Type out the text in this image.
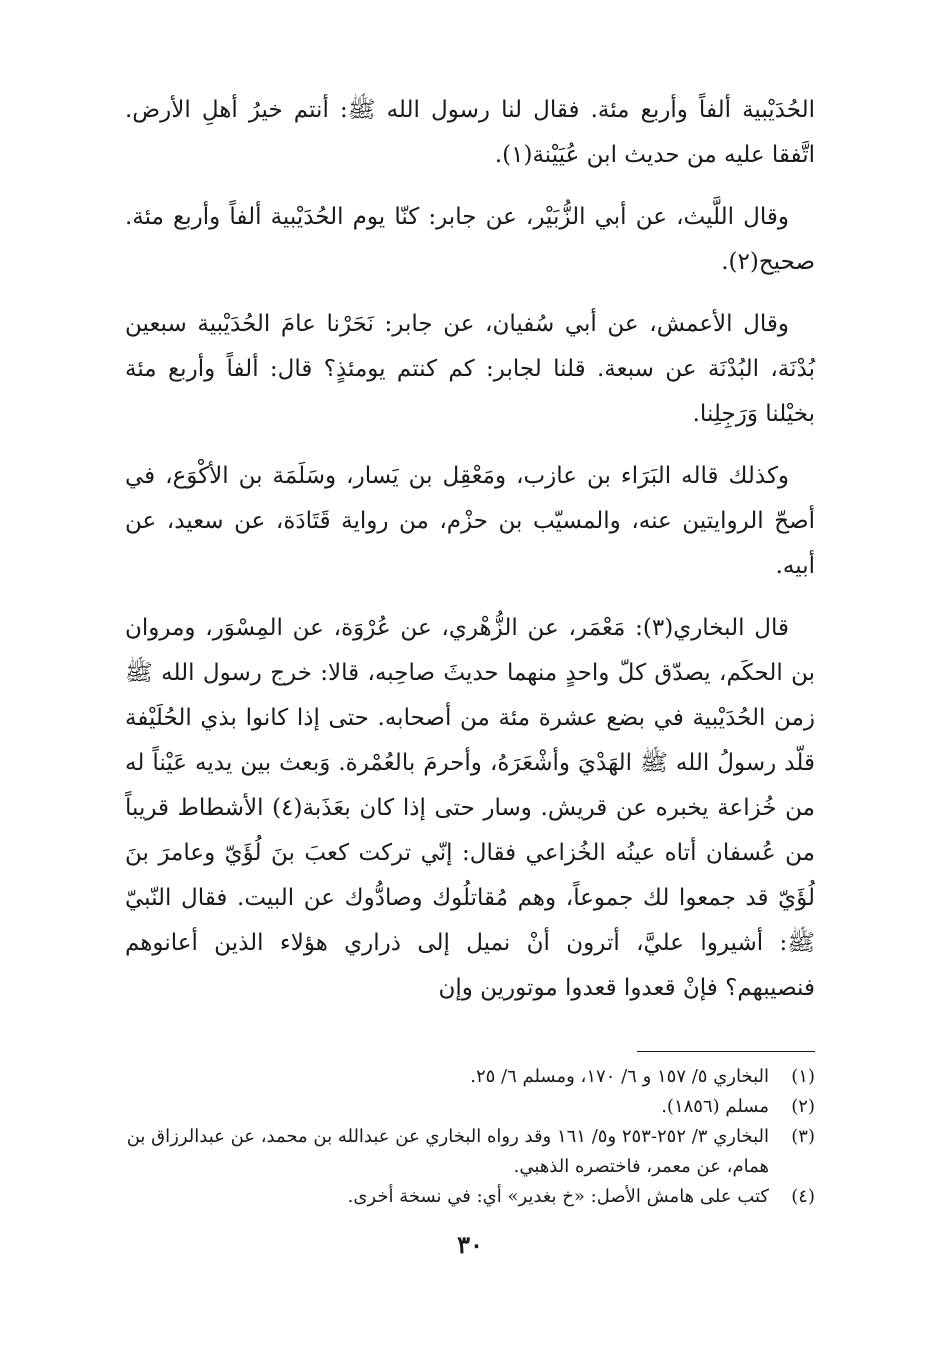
الحُدَيْبية ألفاً وأربع مئة. فقال لنا رسول الله ﷺ: أنتم خيرُ أهلِ الأرض. اتَّفقا عليه من حديث ابن عُيَيْنة(١).

وقال اللَّيث، عن أبي الزُّبَيْر، عن جابر: كنّا يوم الحُدَيْبية ألفاً وأربع مئة. صحيح(٢).

وقال الأعمش، عن أبي سُفيان، عن جابر: نَحَرْنا عامَ الحُدَيْبية سبعين بُدْنَة، البُدْنَة عن سبعة. قلنا لجابر: كم كنتم يومئذٍ؟ قال: ألفاً وأربع مئة بخيْلنا وَرَجِلِنا.

وكذلك قاله البَرَاء بن عازب، ومَعْقِل بن يَسار، وسَلَمَة بن الأكْوَع، في أصحّ الروايتين عنه، والمسيّب بن حزْم، من رواية قَتَادَة، عن سعيد، عن أبيه.

قال البخاري(٣): مَعْمَر، عن الزُّهْري، عن عُرْوَة، عن المِسْوَر، ومروان بن الحكَم، يصدّق كلّ واحدٍ منهما حديثَ صاحِبه، قالا: خرج رسول الله ﷺ زمن الحُدَيْبية في بضع عشرة مئة من أصحابه. حتى إذا كانوا بذي الحُلَيْفة قلّد رسولُ الله ﷺ الهَدْيَ وأشْعَرَهُ، وأحرمَ بالعُمْرة. وَبعث بين يديه عَيْناً له من خُزاعة يخبره عن قريش. وسار حتى إذا كان بعَذَبة(٤) الأشطاط قريباً من عُسفان أتاه عينُه الخُزاعي فقال: إنّي تركت كعبَ بنَ لُؤَيّ وعامرَ بنَ لُؤَيّ قد جمعوا لك جموعاً، وهم مُقاتلُوك وصادُّوك عن البيت. فقال النّبيّ ﷺ: أشيروا عليَّ، أترون أنْ نميل إلى ذراري هؤلاء الذين أعانوهم فنصيبهم؟ فإنْ قعدوا قعدوا موتورين وإن

(١)
البخاري ٥/ ١٥٧ و ٦/ ١٧٠، ومسلم ٦/ ٢٥.
(٢)
مسلم (١٨٥٦).
(٣)
البخاري ٣/ ٢٥٢-٢٥٣ و٥/ ١٦١ وقد رواه البخاري عن عبدالله بن محمد، عن عبدالرزاق بن همام، عن معمر، فاختصره الذهبي.
(٤)
كتب على هامش الأصل: «خ بغدير» أي: في نسخة أخرى.
٣٠
